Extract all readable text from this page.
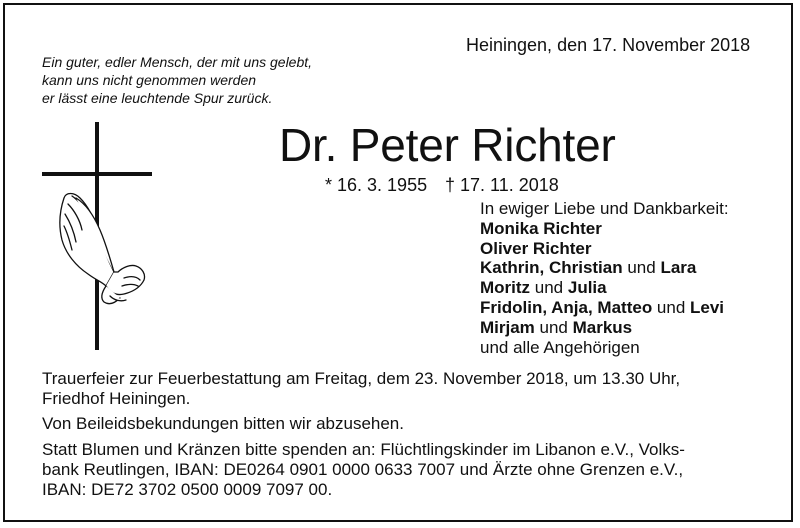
Heiningen, den 17. November 2018
Ein guter, edler Mensch, der mit uns gelebt,
kann uns nicht genommen werden
er lässt eine leuchtende Spur zurück.
Dr. Peter Richter
* 16. 3. 1955 † 17. 11. 2018
In ewiger Liebe und Dankbarkeit:
Monika Richter
Oliver Richter
Kathrin, Christian und Lara
Moritz und Julia
Fridolin, Anja, Matteo und Levi
Mirjam und Markus
und alle Angehörigen
Trauerfeier zur Feuerbestattung am Freitag, dem 23. November 2018, um 13.30 Uhr,
Friedhof Heiningen.
Von Beileidsbekundungen bitten wir abzusehen.
Statt Blumen und Kränzen bitte spenden an: Flüchtlingskinder im Libanon e.V., Volks-
bank Reutlingen, IBAN: DE0264 0901 0000 0633 7007 und Ärzte ohne Grenzen e.V.,
IBAN: DE72 3702 0500 0009 7097 00.
